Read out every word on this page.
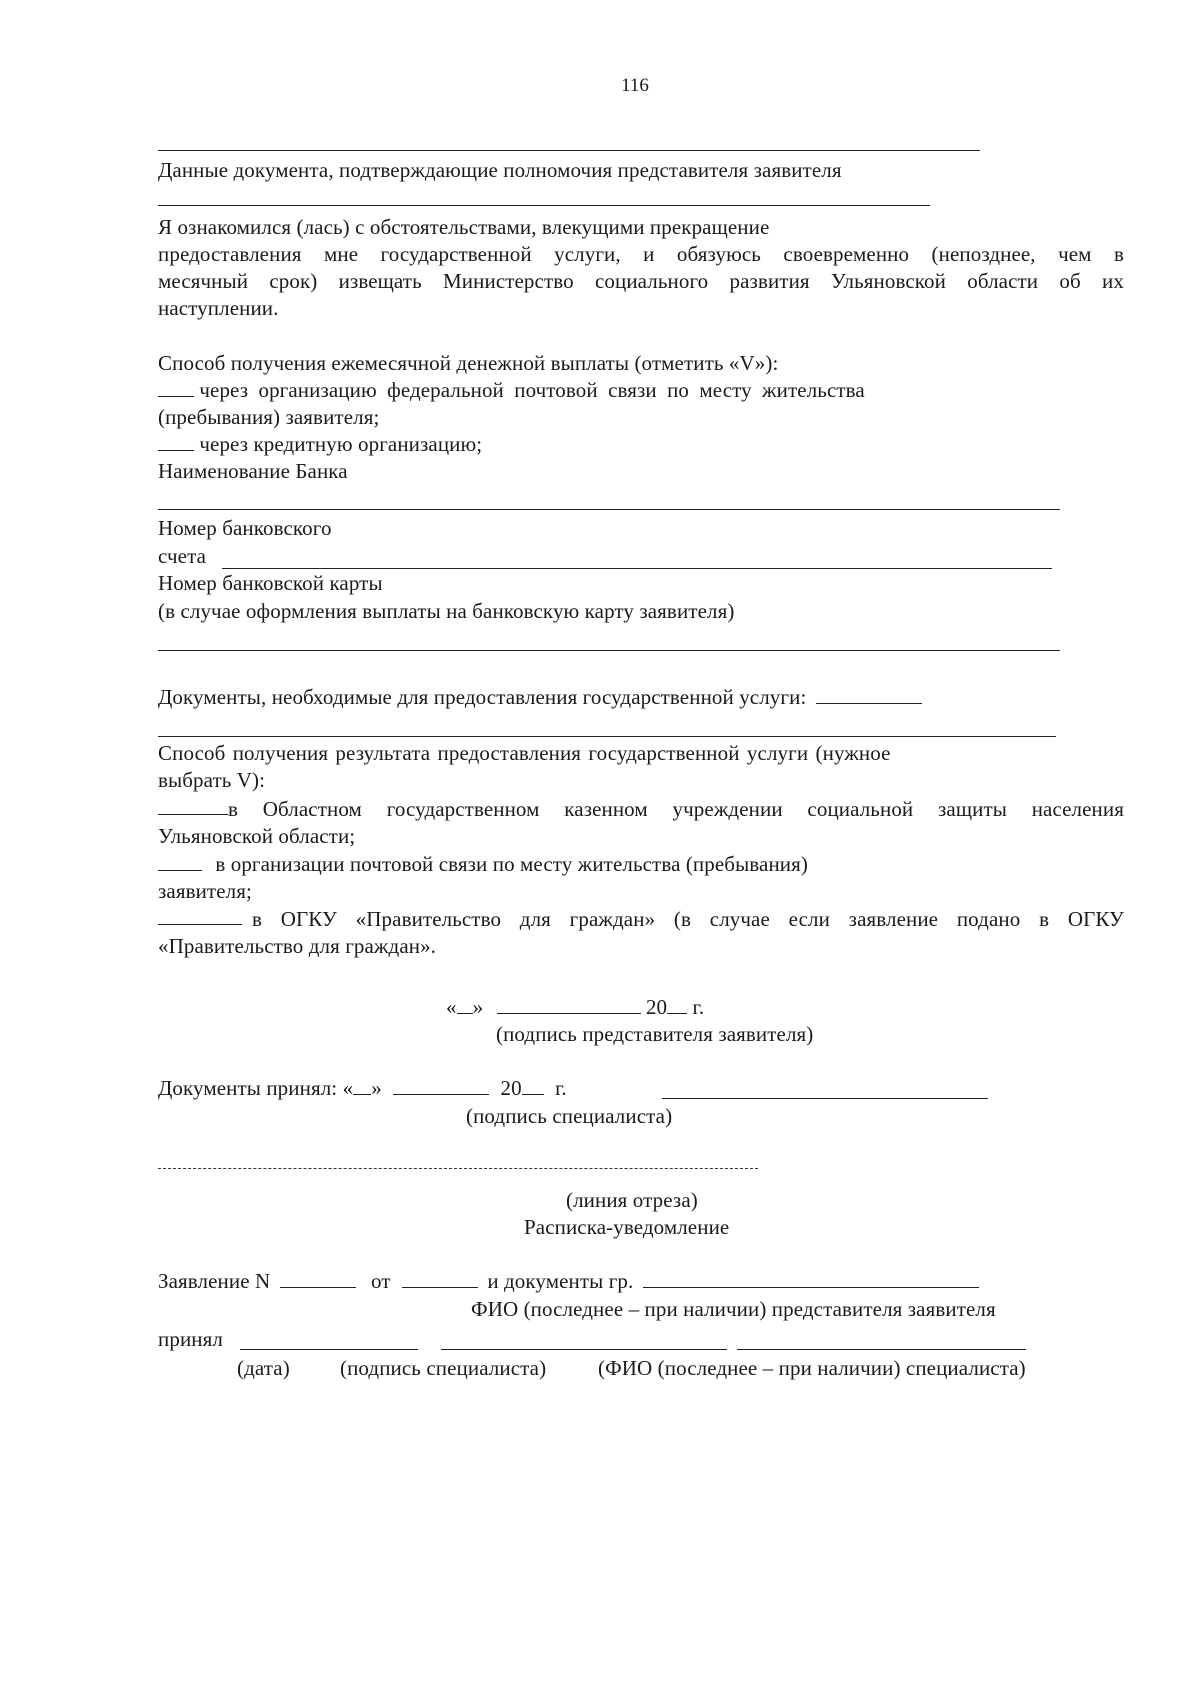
116
Данные документа, подтверждающие полномочия представителя заявителя
Я ознакомился (лась) с обстоятельствами, влекущими прекращение
предоставления мне государственной услуги, и обязуюсь своевременно (непозднее, чем в
месячный срок) извещать Министерство социального развития Ульяновской области об их
наступлении.
Способ получения ежемесячной денежной выплаты (отметить «V»):
через организацию федеральной почтовой связи по месту жительства
(пребывания) заявителя;
через кредитную организацию;
Наименование Банка
Номер банковского
счета
Номер банковской карты
(в случае оформления выплаты на банковскую карту заявителя)
Документы, необходимые для предоставления государственной услуги:
Способ получения результата предоставления государственной услуги (нужное
выбрать V):
в Областном государственном казенном учреждении социальной защиты населения
Ульяновской области;
в организации почтовой связи по месту жительства (пребывания)
заявителя;
в ОГКУ «Правительство для граждан» (в случае если заявление подано в ОГКУ
«Правительство для граждан».
« »	20 г.
(подпись представителя заявителя)
Документы принял: « »	20 г.
(подпись специалиста)
(линия отреза)
Расписка-уведомление
Заявление N	от	и документы гр.
ФИО (последнее – при наличии) представителя заявителя
принял
(дата) (подпись специалиста) (ФИО (последнее – при наличии) специалиста)
